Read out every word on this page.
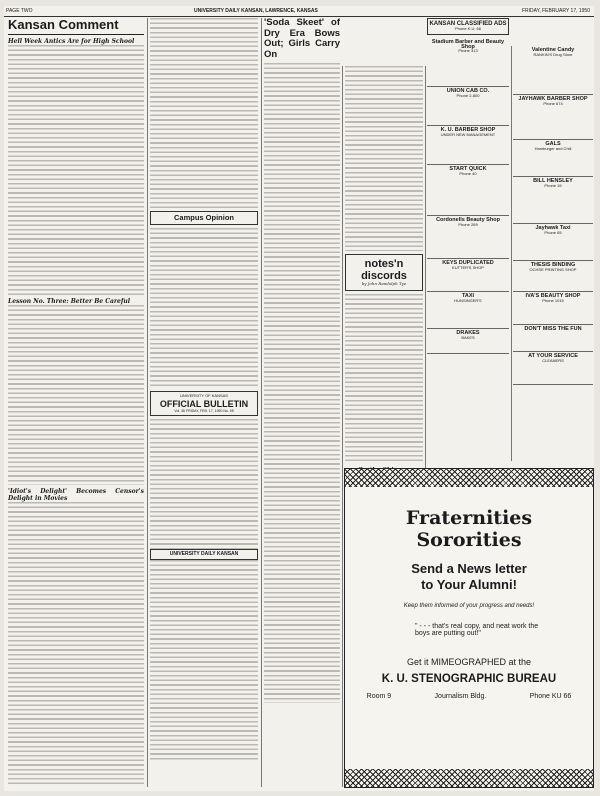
PAGE TWO	UNIVERSITY DAILY KANSAN, LAWRENCE, KANSAS	FRIDAY, FEBRUARY 17, 1950
Kansan Comment
Hell Week Antics Are for High School
Lesson No. Three: Better Be Careful
'Idiot's Delight' Becomes Censor's Delight in Movies
Campus Opinion
UNIVERSITY OF KANSAS
OFFICIAL BULLETIN
Vol. 36 FRIDAY, FEB. 17, 1950 No. 95
UNIVERSITY DAILY KANSAN
'Soda Skeet' of Dry Era Bows Out; Girls Carry On
notes'n discords
by John Randolph Tye
KANSAN CLASSIFIED ADS
Phone K.U. 66
Stadium Barber and Beauty Shop
Phone 313
UNION CAB CO.
Phone 2-800
K. U. BARBER SHOP
UNDER NEW MANAGEMENT
START QUICK
Phone 40
Cordonells Beauty Shop
Phone 269
KEYS DUPLICATED
KUTTER'S SHOP
TAXI
HUNSINGER'S
DRAKES
BAKES
Valentine Candy
RANKIN'S Drug Store
JAYHAWK BARBER SHOP
Phone 674
GALS
Hamburger and Chili
BILL HENSLEY
Phone 15
Jayhawk Taxi
Phone 65
THESIS BINDING
OCHSE PRINTING SHOP
IVA'S BEAUTY SHOP
Phone 1015
DON'T MISS THE FUN
AT YOUR SERVICE
CLEANERS
Fraternities
Sororities
Send a News letter
to Your Alumni!
Keep them informed of your progress and needs!
" - - - that's real copy, and neat work the boys are putting out!"
Get it MIMEOGRAPHED at the
K. U. STENOGRAPHIC BUREAU
Room 9	Journalism Bldg.	Phone KU 66
